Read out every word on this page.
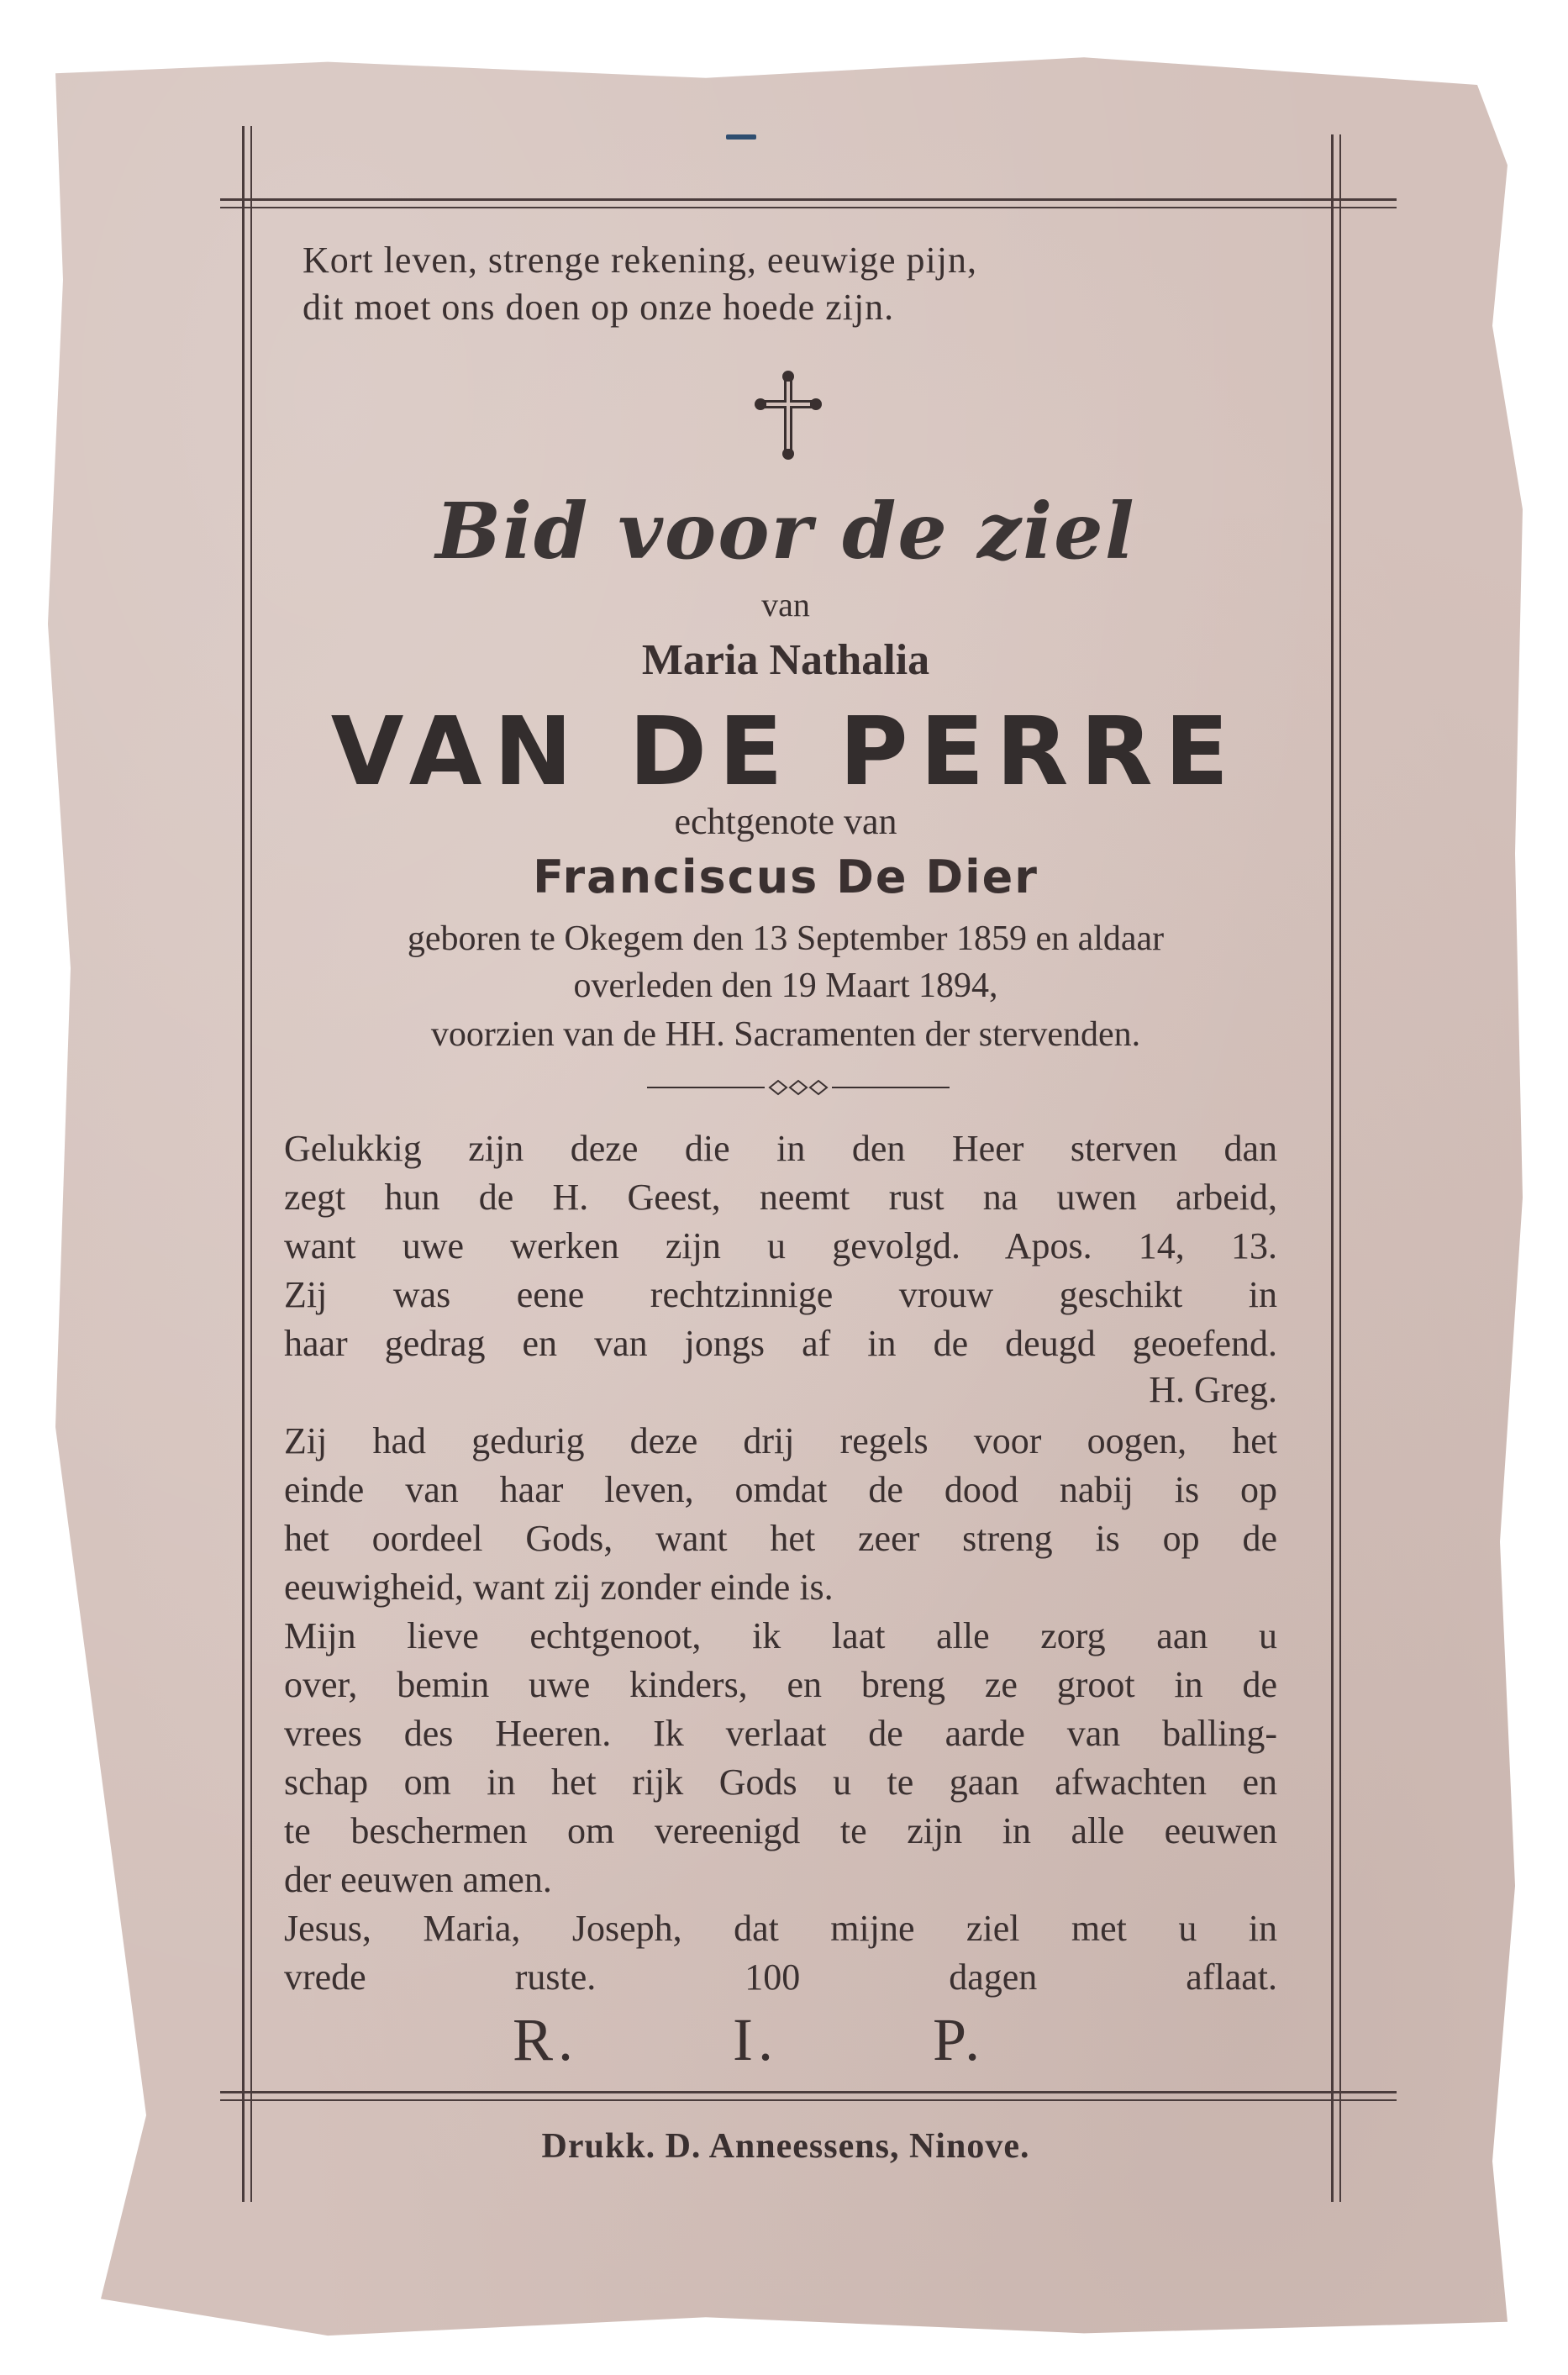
Kort leven, strenge rekening, eeuwige pijn,
dit moet ons doen op onze hoede zijn.
Bid voor de ziel
van
Maria Nathalia
VAN DE PERRE
echtgenote van
Franciscus De Dier
geboren te Okegem den 13 September 1859 en aldaar
overleden den 19 Maart 1894,
voorzien van de HH. Sacramenten der stervenden.
Gelukkig zijn deze die in den Heer sterven dan
zegt hun de H. Geest, neemt rust na uwen arbeid,
want uwe werken zijn u gevolgd. Apos. 14, 13.
Zij was eene rechtzinnige vrouw geschikt in
haar gedrag en van jongs af in de deugd geoefend.
H. Greg.
Zij had gedurig deze drij regels voor oogen, het
einde van haar leven, omdat de dood nabij is op
het oordeel Gods, want het zeer streng is op de
eeuwigheid, want zij zonder einde is.
Mijn lieve echtgenoot, ik laat alle zorg aan u
over, bemin uwe kinders, en breng ze groot in de
vrees des Heeren. Ik verlaat de aarde van balling-
schap om in het rijk Gods u te gaan afwachten en
te beschermen om vereenigd te zijn in alle eeuwen
der eeuwen amen.
Jesus, Maria, Joseph, dat mijne ziel met u in
vrede ruste. 100 dagen aflaat.
R. I. P.
Drukk. D. Anneessens, Ninove.
